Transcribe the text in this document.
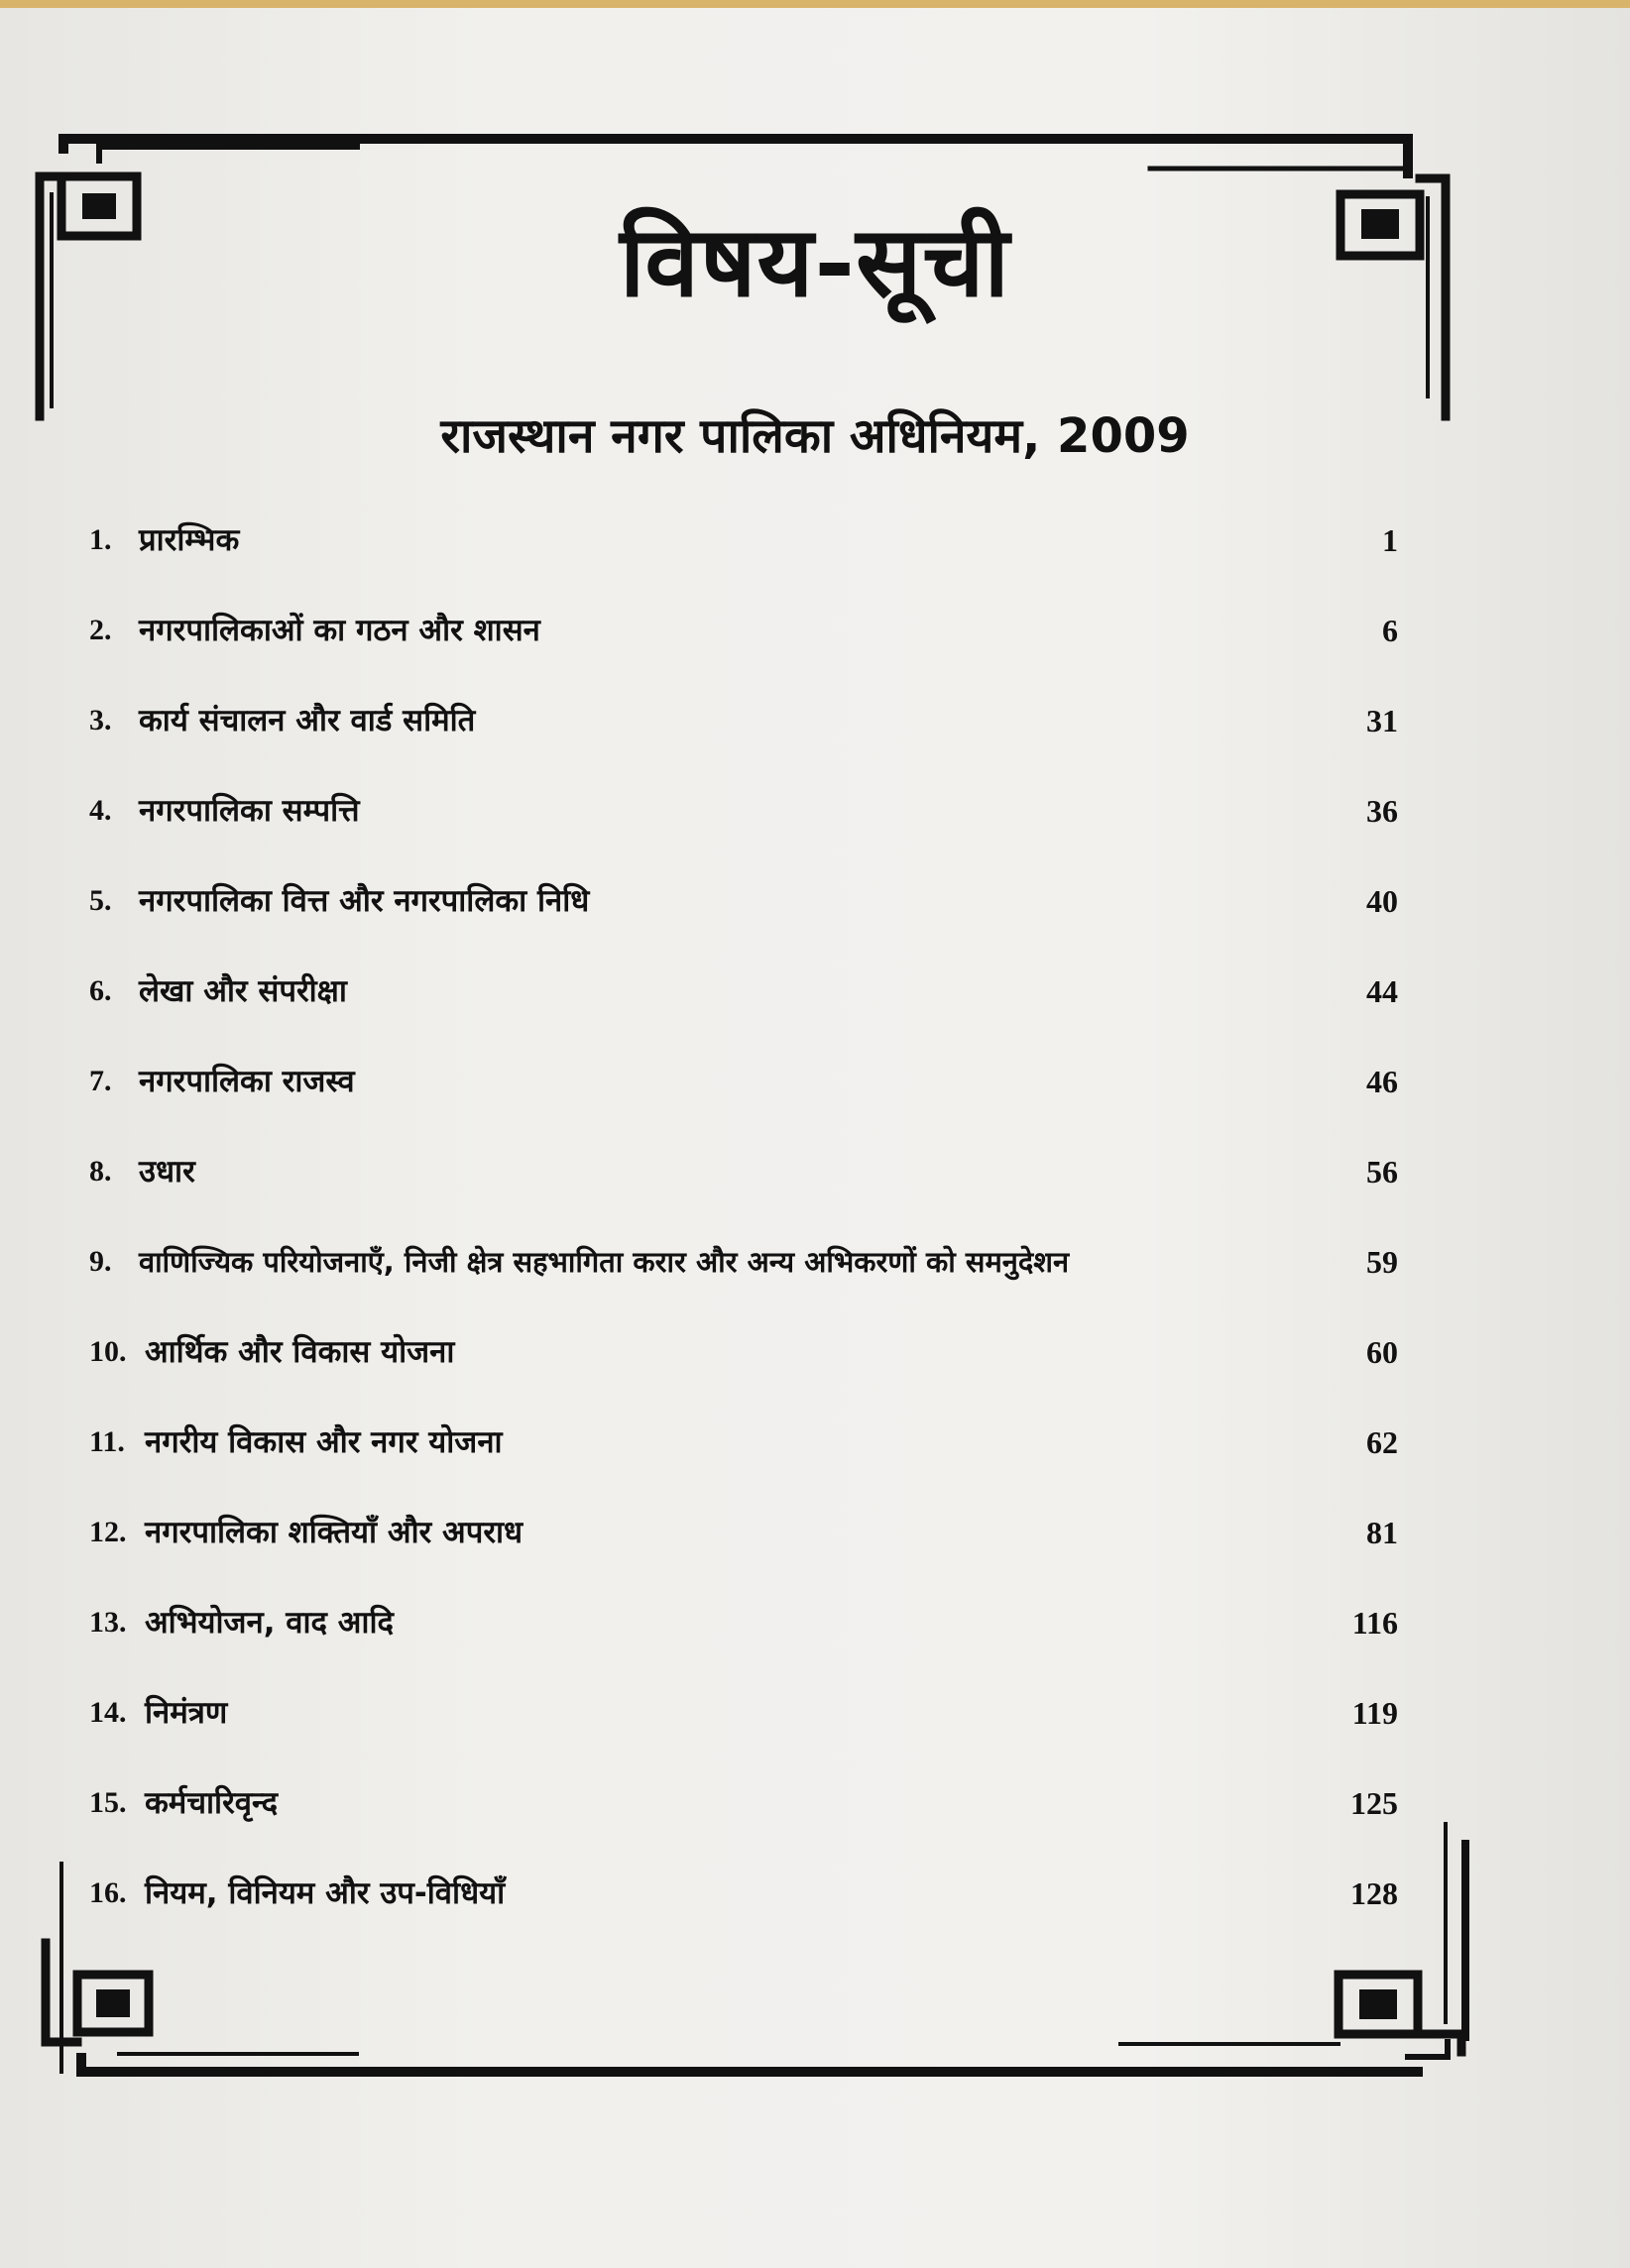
विषय-सूची
राजस्थान नगर पालिका अधिनियम, 2009
1. प्रारम्भिक	1
2. नगरपालिकाओं का गठन और शासन	6
3. कार्य संचालन और वार्ड समिति	31
4. नगरपालिका सम्पत्ति	36
5. नगरपालिका वित्त और नगरपालिका निधि	40
6. लेखा और संपरीक्षा	44
7. नगरपालिका राजस्व	46
8. उधार	56
9. वाणिज्यिक परियोजनाएँ, निजी क्षेत्र सहभागिता करार और अन्य अभिकरणों को समनुदेशन	59
10. आर्थिक और विकास योजना	60
11. नगरीय विकास और नगर योजना	62
12. नगरपालिका शक्तियाँ और अपराध	81
13. अभियोजन, वाद आदि	116
14. निमंत्रण	119
15. कर्मचारिवृन्द	125
16. नियम, विनियम और उप-विधियाँ	128
